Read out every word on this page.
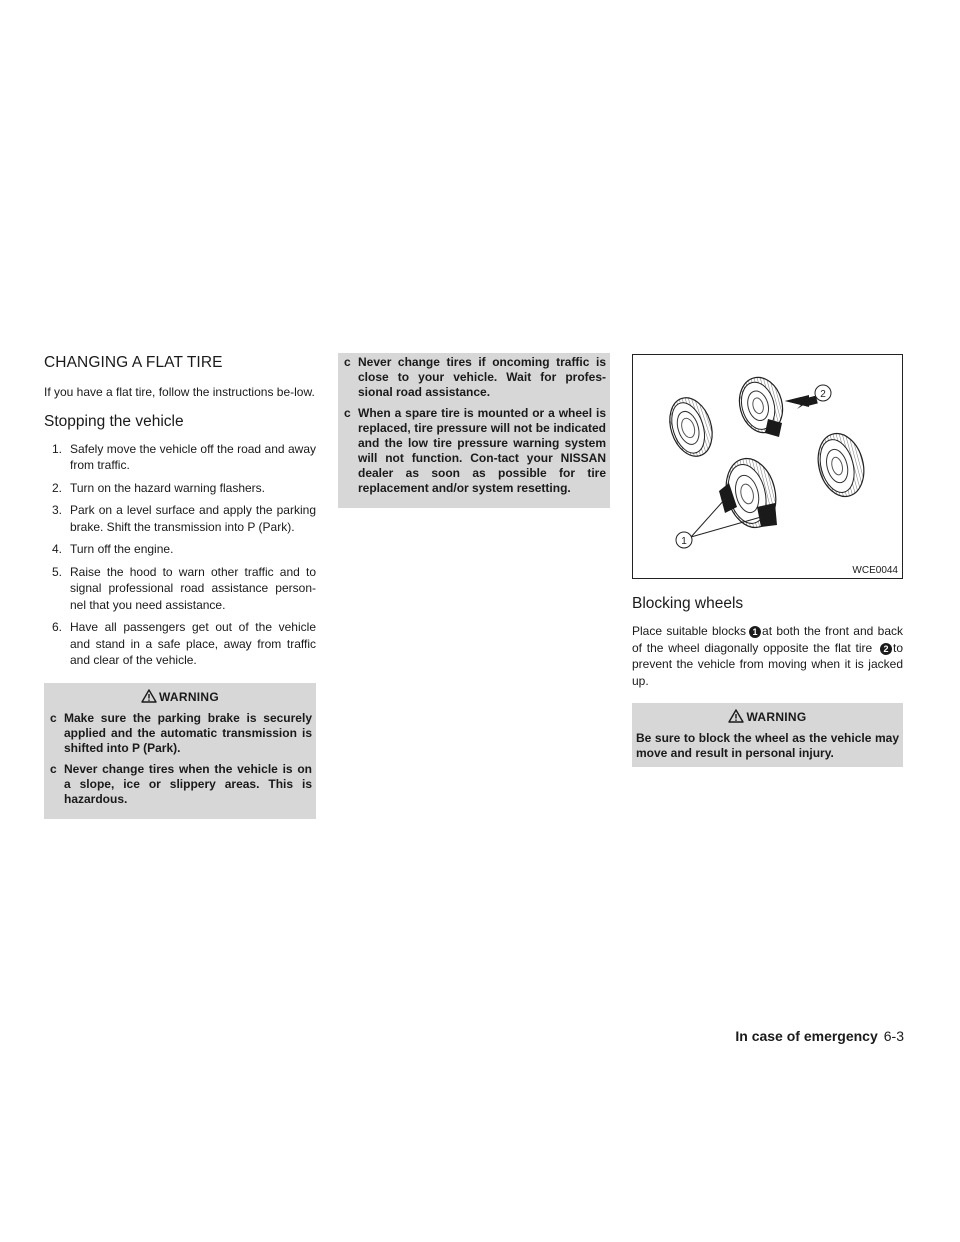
CHANGING A FLAT TIRE

If you have a flat tire, follow the instructions be-low.

Stopping the vehicle
1. Safely move the vehicle off the road and away from traffic.
2. Turn on the hazard warning flashers.
3. Park on a level surface and apply the parking brake. Shift the transmission into P (Park).
4. Turn off the engine.
5. Raise the hood to warn other traffic and to signal professional road assistance person-nel that you need assistance.
6. Have all passengers get out of the vehicle and stand in a safe place, away from traffic and clear of the vehicle.
WARNING
c Make sure the parking brake is securely applied and the automatic transmission is shifted into P (Park).
c Never change tires when the vehicle is on a slope, ice or slippery areas. This is hazardous.
c Never change tires if oncoming traffic is close to your vehicle. Wait for profes-sional road assistance.
c When a spare tire is mounted or a wheel is replaced, tire pressure will not be indicated and the low tire pressure warning system will not function. Con-tact your NISSAN dealer as soon as possible for tire replacement and/or system resetting.
2
1
WCE0044
Blocking wheels

Place suitable blocks 1 at both the front and back of the wheel diagonally opposite the flat tire 2 to prevent the vehicle from moving when it is jacked up.

WARNING
Be sure to block the wheel as the vehicle may move and result in personal injury.
In case of emergency 6-3
